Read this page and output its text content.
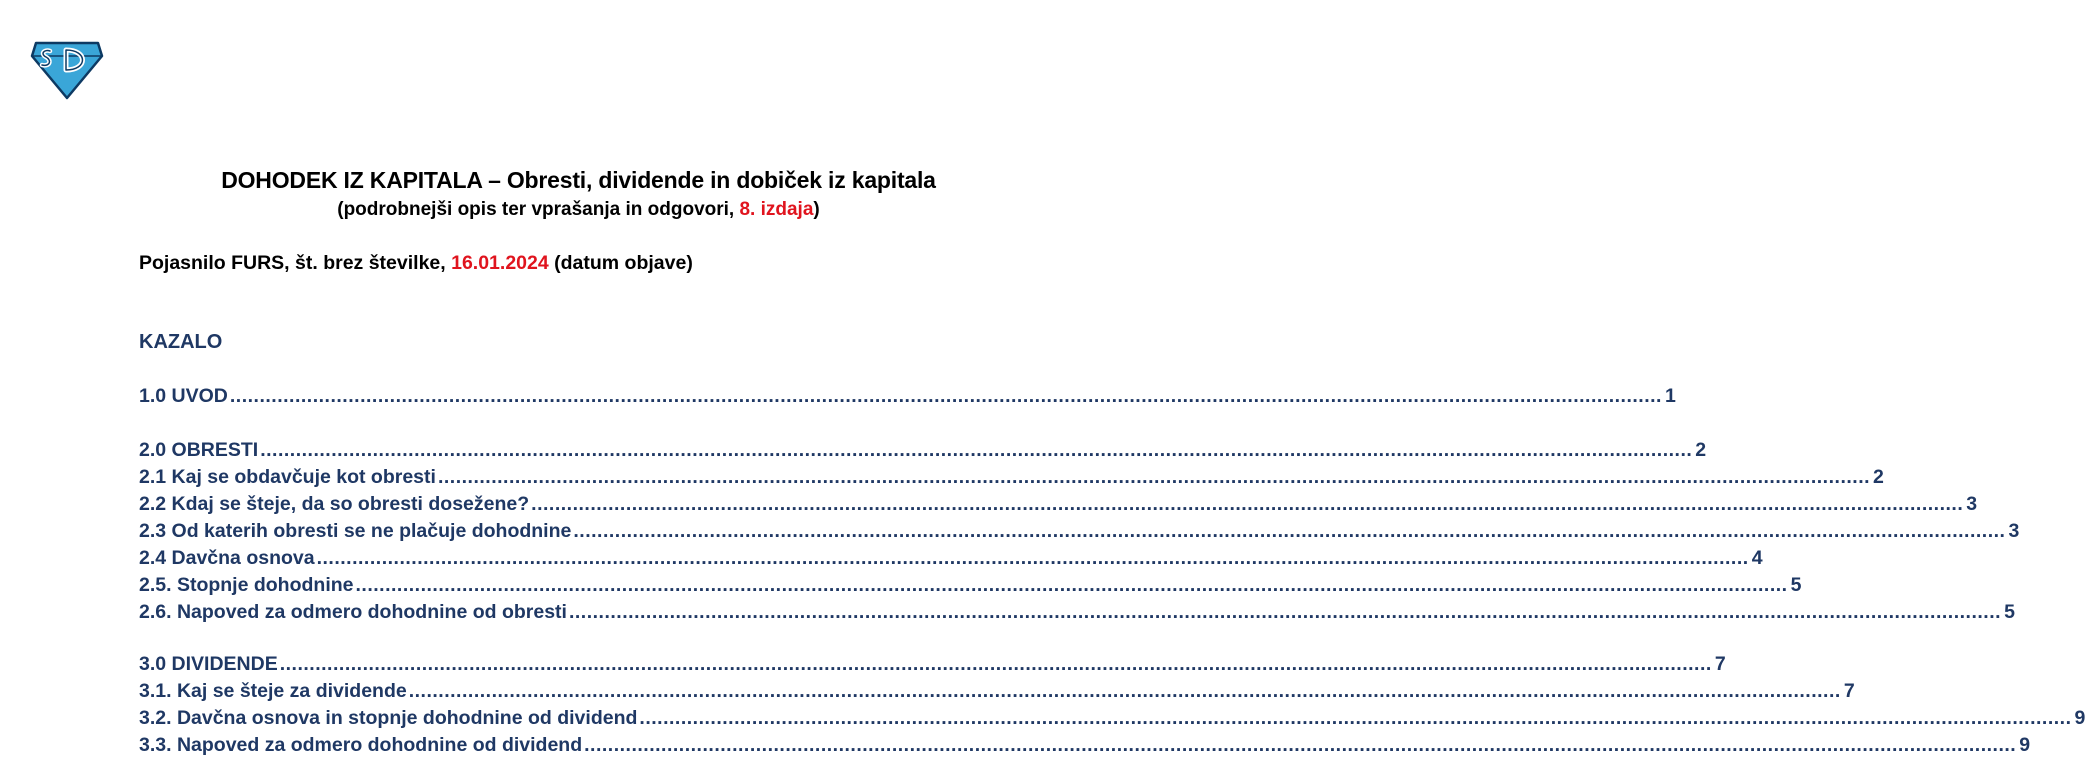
DOHODEK IZ KAPITALA – Obresti, dividende in dobiček iz kapitala
(podrobnejši opis ter vprašanja in odgovori, 8. izdaja)
Pojasnilo FURS, št. brez številke, 16.01.2024 (datum objave)
KAZALO
1.0 UVOD .....	1
2.0 OBRESTI .....	2
2.1 Kaj se obdavčuje kot obresti .....	2
2.2 Kdaj se šteje, da so obresti dosežene? .....	3
2.3 Od katerih obresti se ne plačuje dohodnine .....	3
2.4 Davčna osnova .....	4
2.5. Stopnje dohodnine .....	5
2.6. Napoved za odmero dohodnine od obresti .....	5
3.0 DIVIDENDE .....	7
3.1. Kaj se šteje za dividende .....	7
3.2. Davčna osnova in stopnje dohodnine od dividend .....	9
3.3. Napoved za odmero dohodnine od dividend .....	9
